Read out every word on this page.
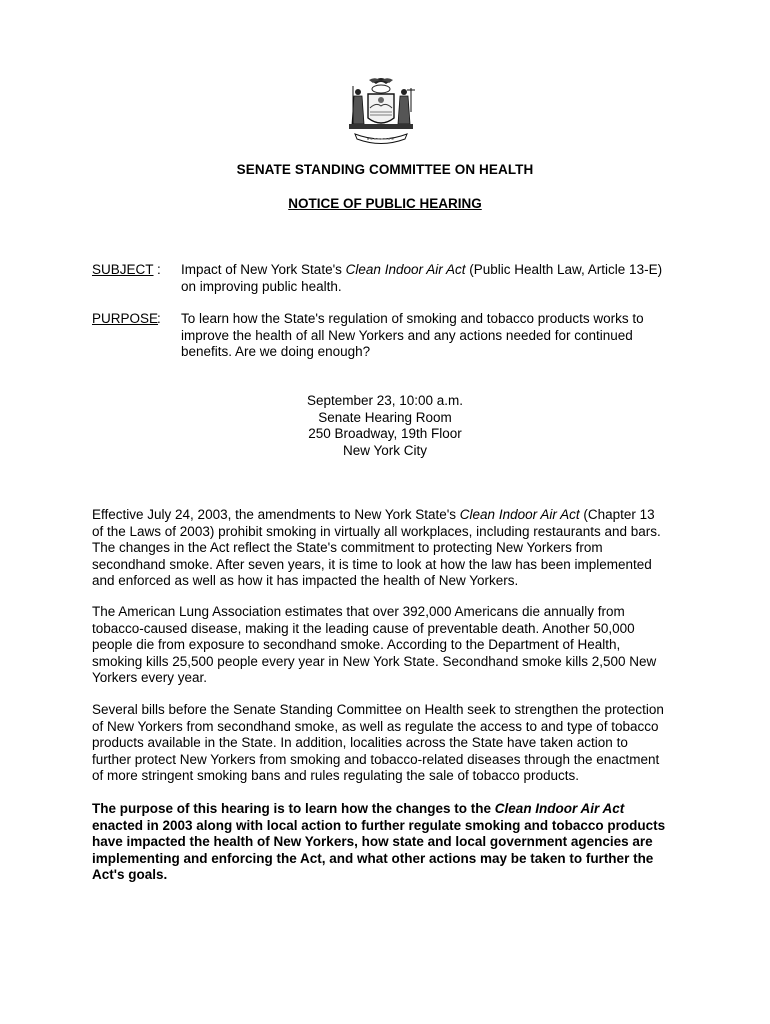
SENATE STANDING COMMITTEE ON HEALTH
NOTICE OF PUBLIC HEARING
SUBJECT : Impact of New York State's Clean Indoor Air Act (Public Health Law, Article 13-E)
on improving public health.
PURPOSE
: To learn how the State's regulation of smoking and tobacco products works to
improve the health of all New Yorkers and any actions needed for continued
benefits. Are we doing enough?
September 23, 10:00 a.m.
Senate Hearing Room
250 Broadway, 19th Floor
New York City

Effective July 24, 2003, the amendments to New York State's Clean Indoor Air Act (Chapter 13
of the Laws of 2003) prohibit smoking in virtually all workplaces, including restaurants and bars.
The changes in the Act reflect the State's commitment to protecting New Yorkers from
secondhand smoke. After seven years, it is time to look at how the law has been implemented
and enforced as well as how it has impacted the health of New Yorkers.

The American Lung Association estimates that over 392,000 Americans die annually from
tobacco-caused disease, making it the leading cause of preventable death. Another 50,000
people die from exposure to secondhand smoke. According to the Department of Health,
smoking kills 25,500 people every year in New York State. Secondhand smoke kills 2,500 New
Yorkers every year.

Several bills before the Senate Standing Committee on Health seek to strengthen the protection
of New Yorkers from secondhand smoke, as well as regulate the access to and type of tobacco
products available in the State. In addition, localities across the State have taken action to
further protect New Yorkers from smoking and tobacco-related diseases through the enactment
of more stringent smoking bans and rules regulating the sale of tobacco products.

The purpose of this hearing is to learn how the changes to the Clean Indoor Air Act
enacted in 2003 along with local action to further regulate smoking and tobacco products
have impacted the health of New Yorkers, how state and local government agencies are
implementing and enforcing the Act, and what other actions may be taken to further the
Act's goals.
